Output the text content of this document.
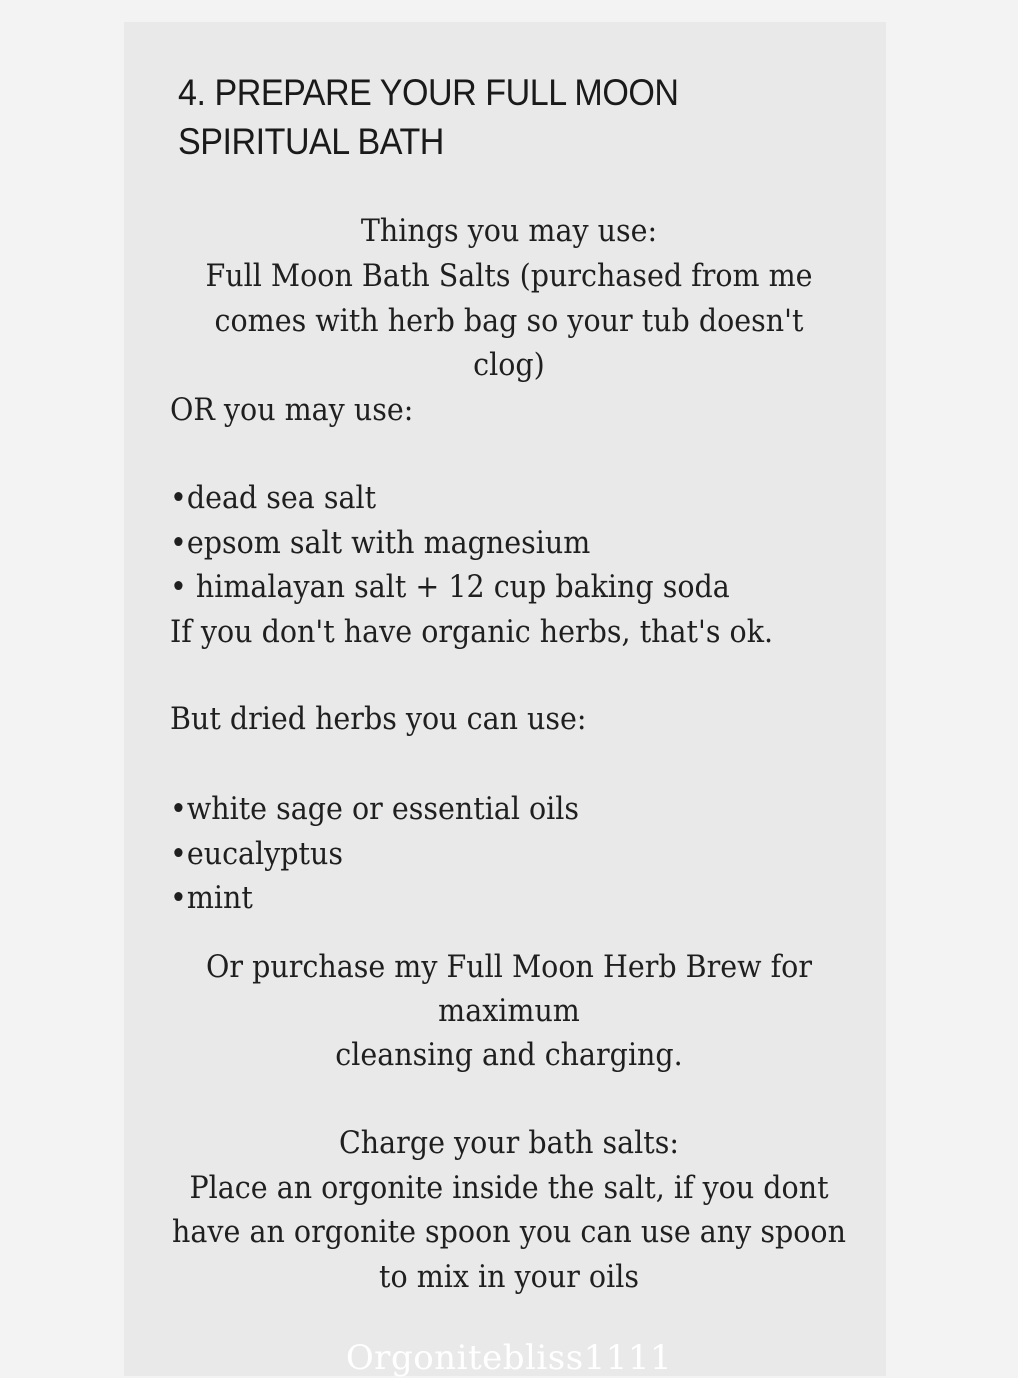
4. PREPARE YOUR FULL MOON
SPIRITUAL BATH
Things you may use:
Full Moon Bath Salts (purchased from me
comes with herb bag so your tub doesn't
clog)
OR you may use:
•dead sea salt
•epsom salt with magnesium
• himalayan salt + 12 cup baking soda
If you don't have organic herbs, that's ok.
But dried herbs you can use:
•white sage or essential oils
•eucalyptus
•mint
Or purchase my Full Moon Herb Brew for
maximum
cleansing and charging.
Charge your bath salts:
Place an orgonite inside the salt, if you dont
have an orgonite spoon you can use any spoon
to mix in your oils
Orgonitebliss1111
